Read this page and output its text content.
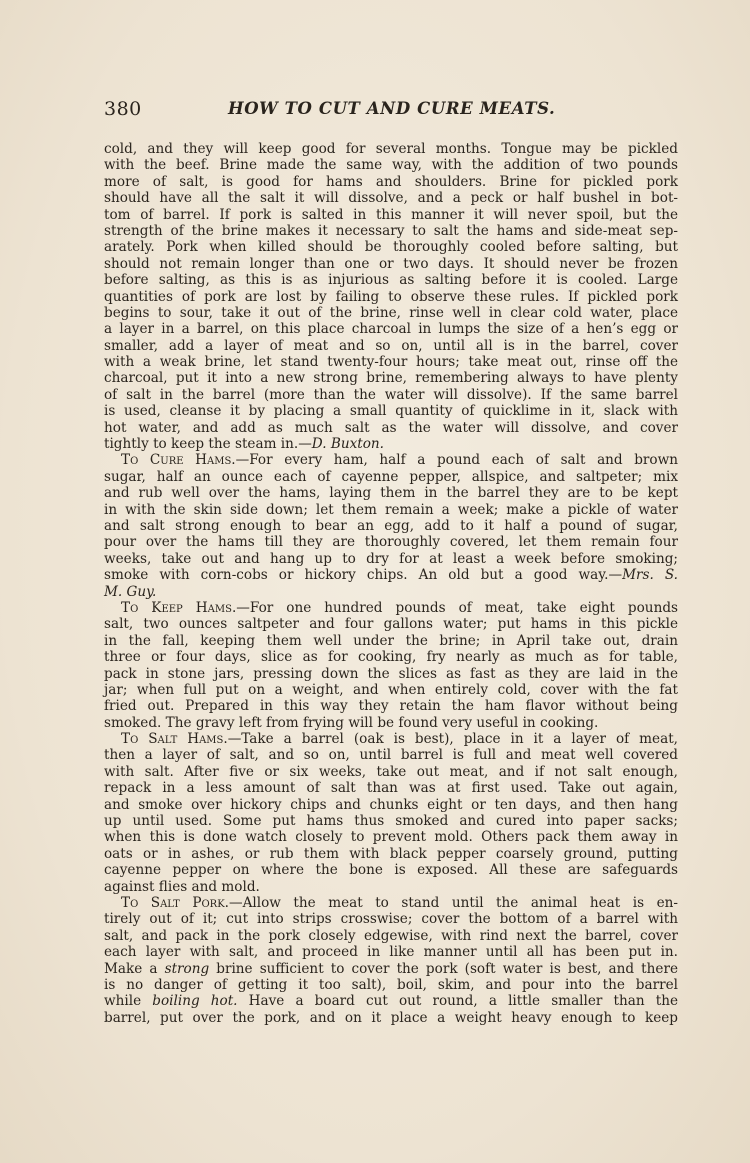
380	HOW TO CUT AND CURE MEATS.
cold, and they will keep good for several months. Tongue may be pickled
with the beef. Brine made the same way, with the addition of two pounds
more of salt, is good for hams and shoulders. Brine for pickled pork
should have all the salt it will dissolve, and a peck or half bushel in bot-
tom of barrel. If pork is salted in this manner it will never spoil, but the
strength of the brine makes it necessary to salt the hams and side-meat sep-
arately. Pork when killed should be thoroughly cooled before salting, but
should not remain longer than one or two days. It should never be frozen
before salting, as this is as injurious as salting before it is cooled. Large
quantities of pork are lost by failing to observe these rules. If pickled pork
begins to sour, take it out of the brine, rinse well in clear cold water, place
a layer in a barrel, on this place charcoal in lumps the size of a hen’s egg or
smaller, add a layer of meat and so on, until all is in the barrel, cover
with a weak brine, let stand twenty-four hours; take meat out, rinse off the
charcoal, put it into a new strong brine, remembering always to have plenty
of salt in the barrel (more than the water will dissolve). If the same barrel
is used, cleanse it by placing a small quantity of quicklime in it, slack with
hot water, and add as much salt as the water will dissolve, and cover
tightly to keep the steam in.—D. Buxton.
To Cure Hams.—For every ham, half a pound each of salt and brown
sugar, half an ounce each of cayenne pepper, allspice, and saltpeter; mix
and rub well over the hams, laying them in the barrel they are to be kept
in with the skin side down; let them remain a week; make a pickle of water
and salt strong enough to bear an egg, add to it half a pound of sugar,
pour over the hams till they are thoroughly covered, let them remain four
weeks, take out and hang up to dry for at least a week before smoking;
smoke with corn-cobs or hickory chips. An old but a good way.—Mrs. S.
M. Guy.
To Keep Hams.—For one hundred pounds of meat, take eight pounds
salt, two ounces saltpeter and four gallons water; put hams in this pickle
in the fall, keeping them well under the brine; in April take out, drain
three or four days, slice as for cooking, fry nearly as much as for table,
pack in stone jars, pressing down the slices as fast as they are laid in the
jar; when full put on a weight, and when entirely cold, cover with the fat
fried out. Prepared in this way they retain the ham flavor without being
smoked. The gravy left from frying will be found very useful in cooking.
To Salt Hams.—Take a barrel (oak is best), place in it a layer of meat,
then a layer of salt, and so on, until barrel is full and meat well covered
with salt. After five or six weeks, take out meat, and if not salt enough,
repack in a less amount of salt than was at first used. Take out again,
and smoke over hickory chips and chunks eight or ten days, and then hang
up until used. Some put hams thus smoked and cured into paper sacks;
when this is done watch closely to prevent mold. Others pack them away in
oats or in ashes, or rub them with black pepper coarsely ground, putting
cayenne pepper on where the bone is exposed. All these are safeguards
against flies and mold.
To Salt Pork.—Allow the meat to stand until the animal heat is en-
tirely out of it; cut into strips crosswise; cover the bottom of a barrel with
salt, and pack in the pork closely edgewise, with rind next the barrel, cover
each layer with salt, and proceed in like manner until all has been put in.
Make a strong brine sufficient to cover the pork (soft water is best, and there
is no danger of getting it too salt), boil, skim, and pour into the barrel
while boiling hot. Have a board cut out round, a little smaller than the
barrel, put over the pork, and on it place a weight heavy enough to keep
